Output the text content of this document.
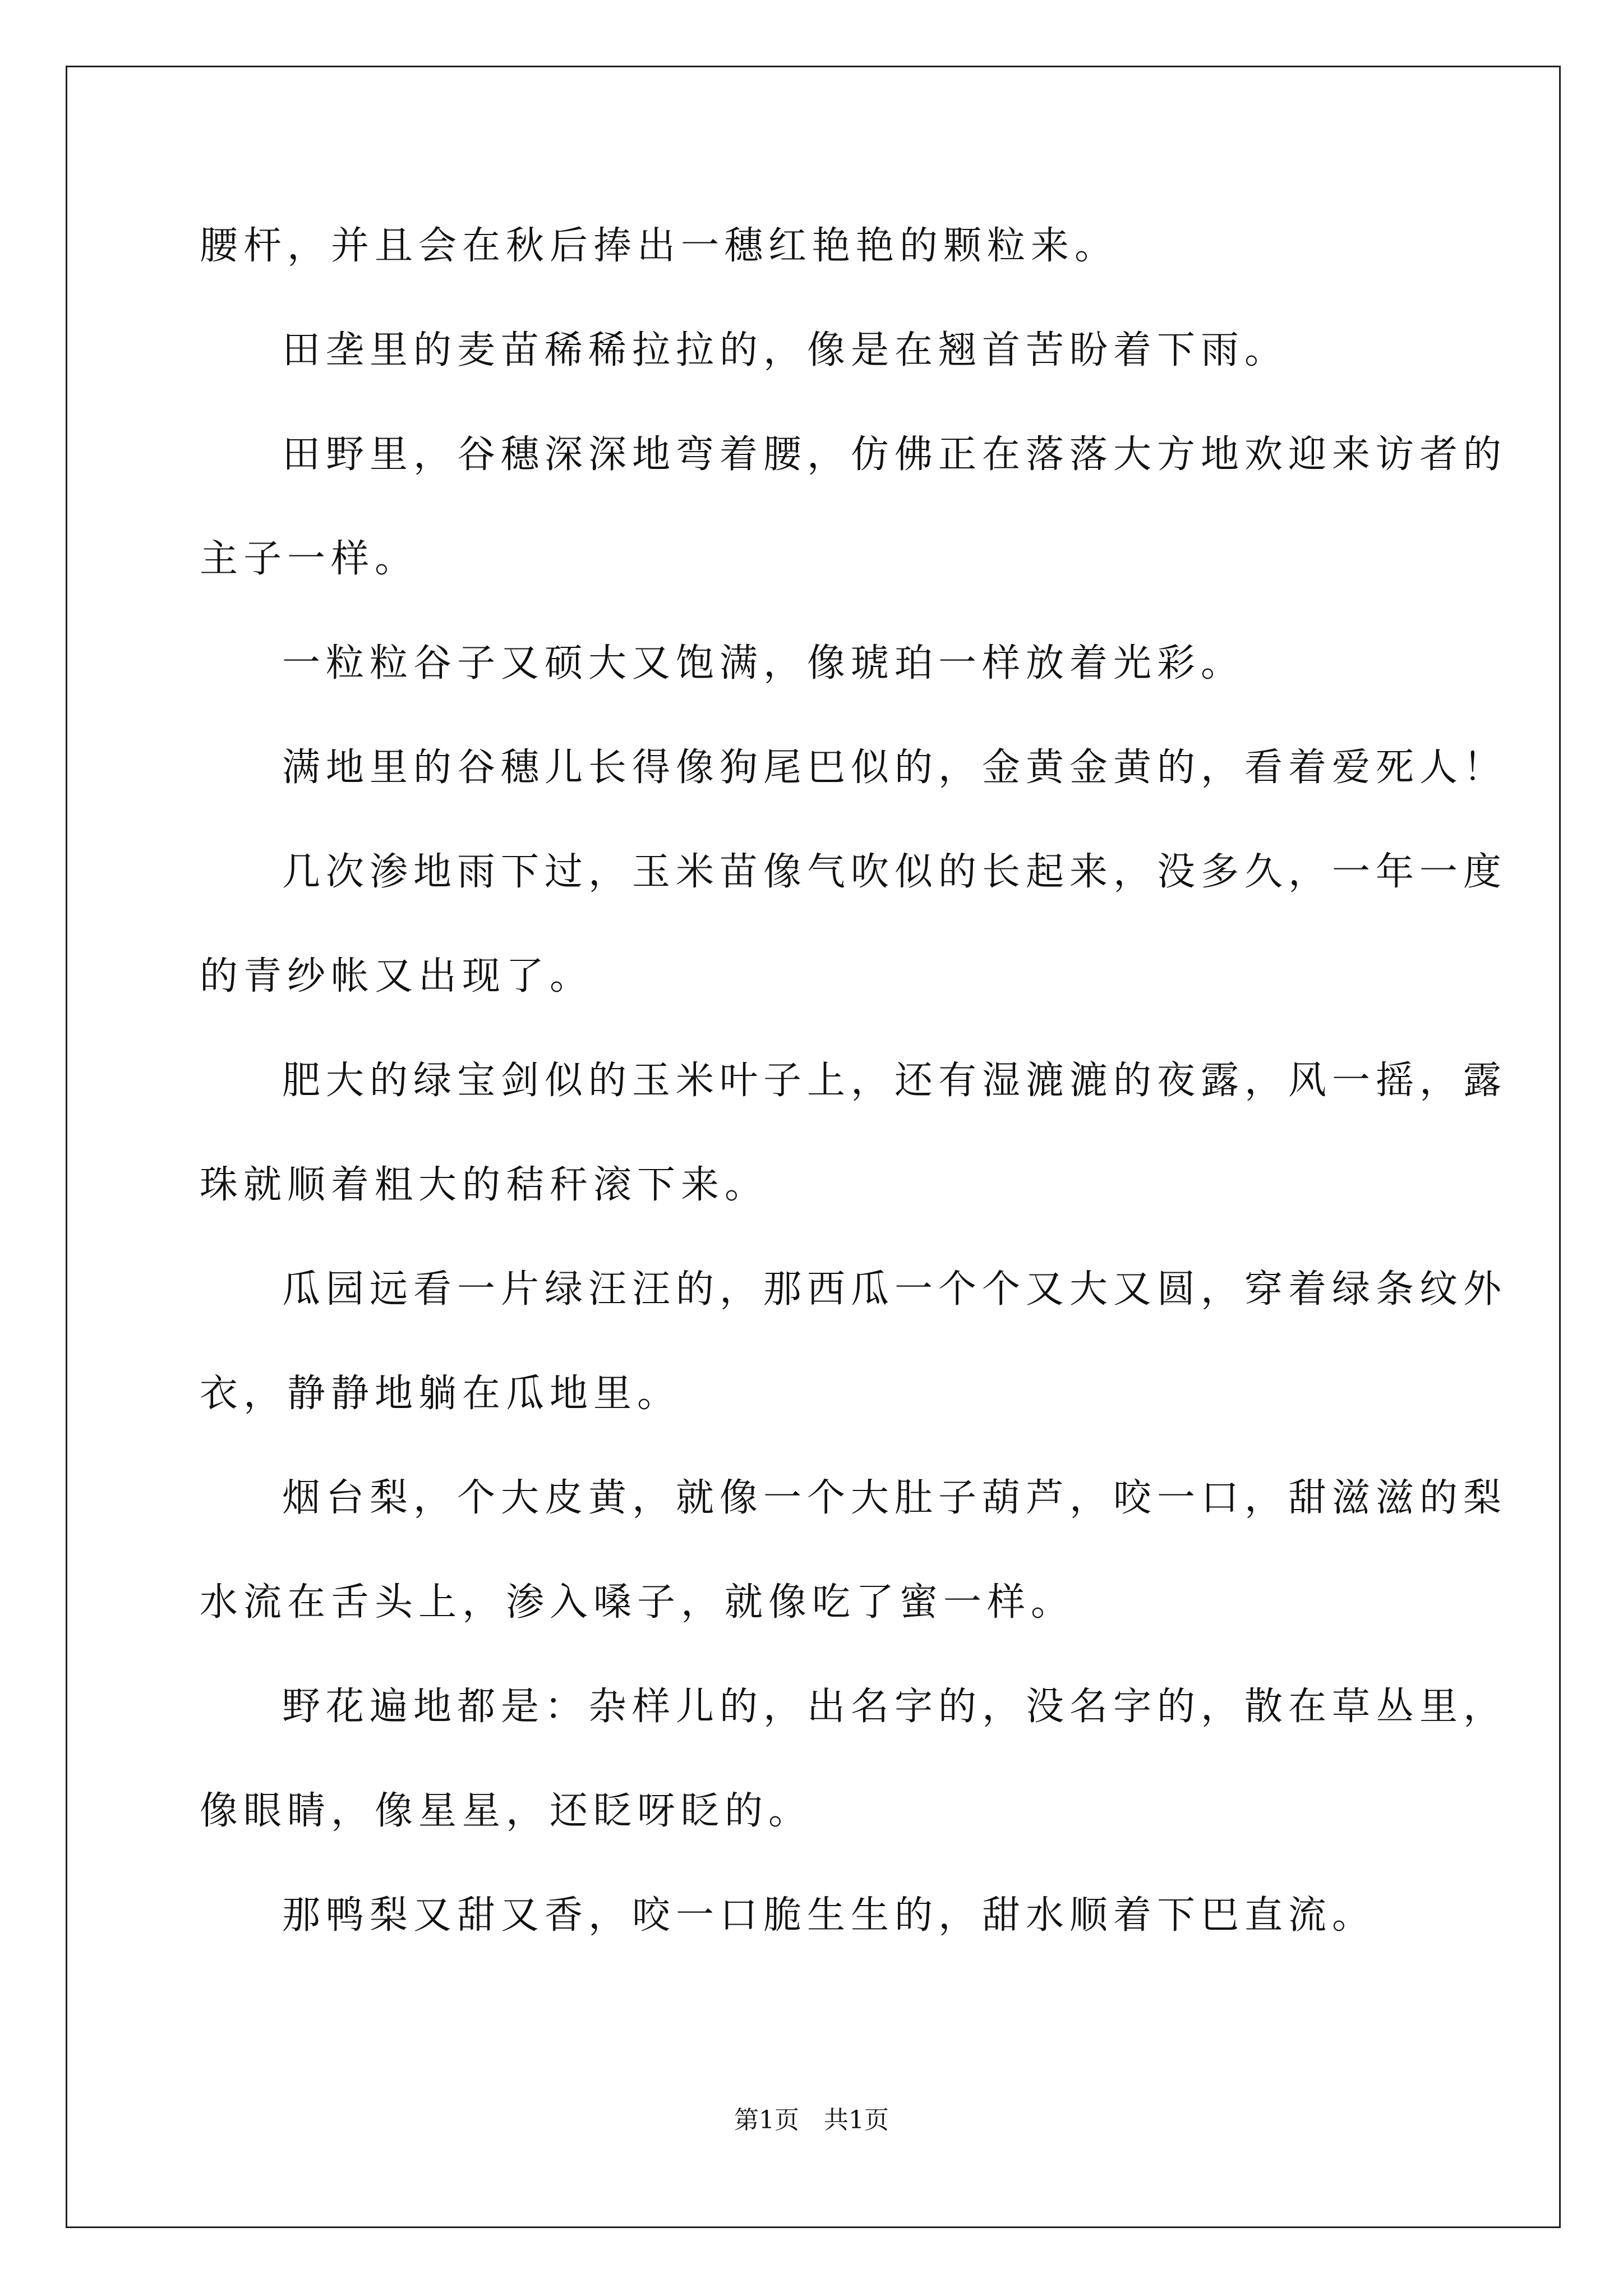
腰杆，并且会在秋后捧出一穗红艳艳的颗粒来。

田垄里的麦苗稀稀拉拉的，像是在翘首苦盼着下雨。

田野里，谷穗深深地弯着腰，仿佛正在落落大方地欢迎来访者的

主子一样。

一粒粒谷子又硕大又饱满，像琥珀一样放着光彩。

满地里的谷穗儿长得像狗尾巴似的，金黄金黄的，看着爱死人！

几次渗地雨下过，玉米苗像气吹似的长起来，没多久，一年一度

的青纱帐又出现了。

肥大的绿宝剑似的玉米叶子上，还有湿漉漉的夜露，风一摇，露

珠就顺着粗大的秸秆滚下来。

瓜园远看一片绿汪汪的，那西瓜一个个又大又圆，穿着绿条纹外

衣，静静地躺在瓜地里。

烟台梨，个大皮黄，就像一个大肚子葫芦，咬一口，甜滋滋的梨

水流在舌头上，渗入嗓子，就像吃了蜜一样。

野花遍地都是：杂样儿的，出名字的，没名字的，散在草丛里，

像眼睛，像星星，还眨呀眨的。

那鸭梨又甜又香，咬一口脆生生的，甜水顺着下巴直流。

第1页　共1页
